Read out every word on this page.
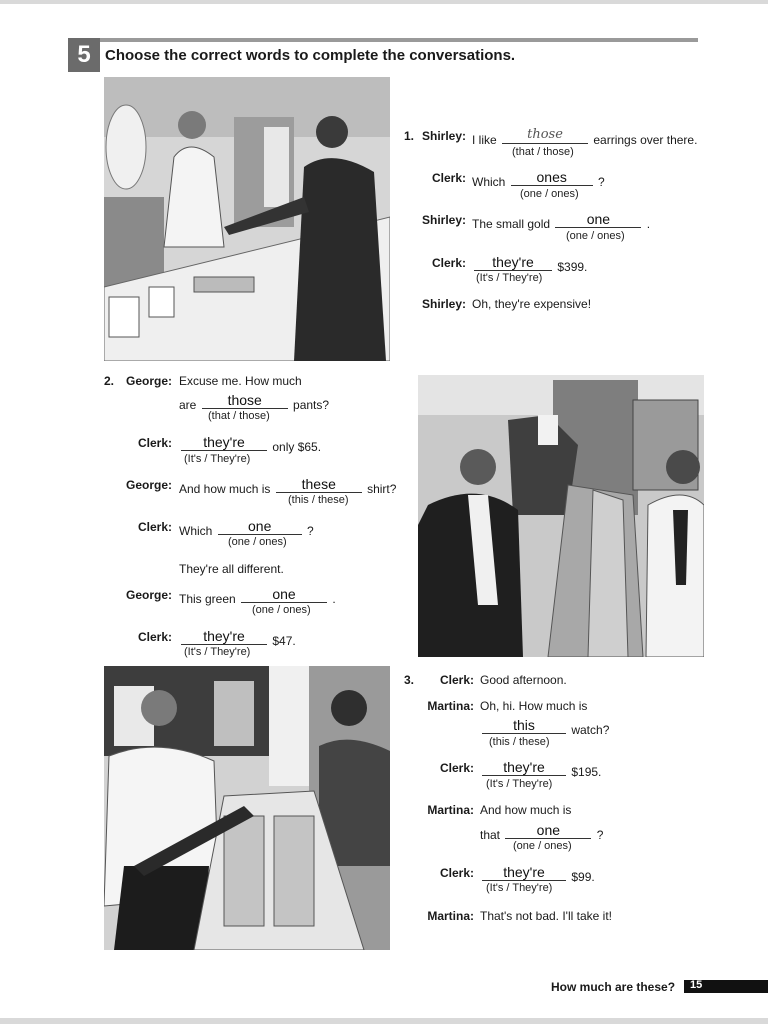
5 Choose the correct words to complete the conversations.
1. Shirley: I like	those	earrings over there.
(that / those)
Clerk: Which	ones	?
(one / ones)
Shirley: The small gold	one	.
(one / ones)
Clerk:	they're	$399.
(It's / They're)
Shirley: Oh, they're expensive!
2. George: Excuse me. How much
are	those	pants?
(that / those)
Clerk:	they're	only $65.
(It's / They're)
George: And how much is	these	shirt?
(this / these)
Clerk: Which	one	?
(one / ones)
They're all different.
George: This green	one	.
(one / ones)
Clerk:	they're	$47.
(It's / They're)
3.	Clerk: Good afternoon.
Martina: Oh, hi. How much is
this	watch?
(this / these)
Clerk:	they're	$195.
(It's / They're)
Martina: And how much is
that	one	?
(one / ones)
Clerk:	they're	$99.
(It's / They're)
Martina: That's not bad. I'll take it!
How much are these? 15
